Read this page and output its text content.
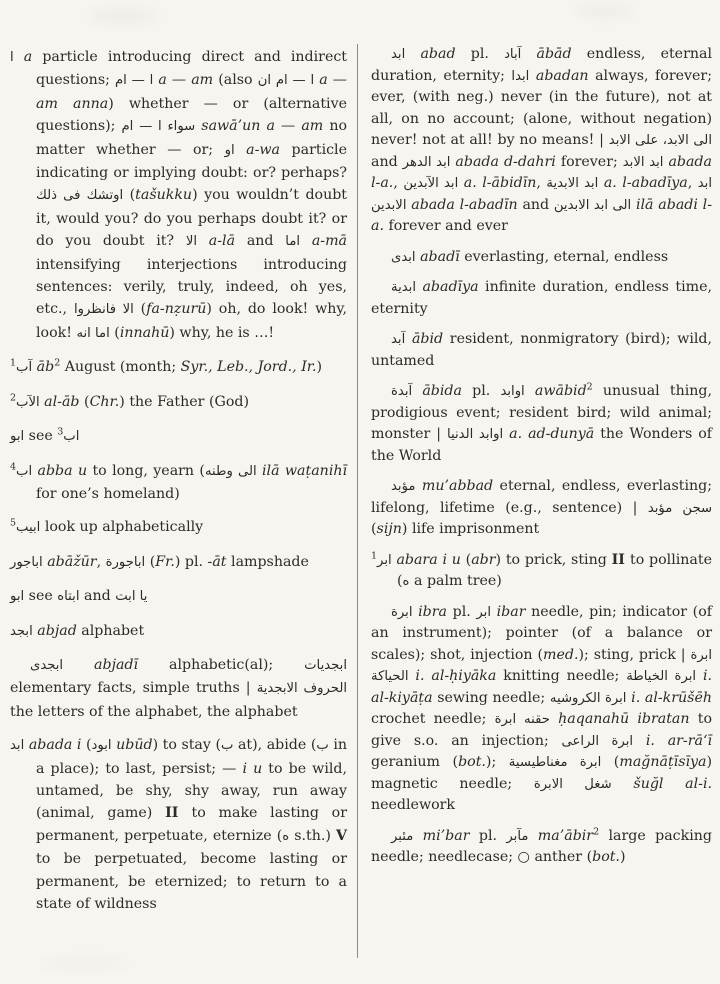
ا a particle introducing direct and indirect questions; ا — ام a — am (also ا — ام ان a — am anna) whether — or (alternative questions); سواء ا — ام sawā’un a — am no matter whether — or; او a-wa particle indicating or implying doubt: or? perhaps? اوتشك فى ذلك (tašukku) you wouldn’t doubt it, would you? do you perhaps doubt it? or do you doubt it? الا a-lā and اما a-mā intensifying interjections introducing sentences: verily, truly, indeed, oh yes, etc., الا فانظروا (fa-nẓurū) oh, do look! why, look! اما انه (innahū) why, he is …!

$^1$آب $āb^2$ August (month; Syr., Leb., Jord., Ir.)

$^2$الآب al-āb (Chr.) the Father (God)

ابو see اب$^3$

$^4$اب abba u to long, yearn (الى وطنه ilā waṭanihī for one’s homeland)

$^5$ابيب look up alphabetically

اباجور abāžūr, اباجورة (Fr.) pl. -āt lampshade

ابو see ابتاه and يا ابت

ابجد abjad alphabet

ابجدى abjadī alphabetic(al); ابجديات elementary facts, simple truths | الحروف الابجدية the letters of the alphabet, the alphabet

ابد abada i (ابود ubūd) to stay (ب at), abide (ب in a place); to last, persist; — i u to be wild, untamed, be shy, shy away, run away (animal, game) II to make lasting or permanent, perpetuate, eternize (ه s.th.) V to be perpetuated, become lasting or permanent, be eternized; to return to a state of wildness

ابد abad pl. آباد ābād endless, eternal duration, eternity; ابدا abadan always, forever; ever, (with neg.) never (in the future), not at all, on no account; (alone, without negation) never! not at all! by no means! | الى الابد، على الابد and ابد الدهر abada d-dahri forever; ابد الابد abada l-a., ابد الآبدين a. l-ābidīn, ابد الابدية a. l-abadīya, ابد الابدين abada l-abadīn and الى ابد الابدين ilā abadi l-a. forever and ever

ابدى abadī everlasting, eternal, endless

ابدية abadīya infinite duration, endless time, eternity

آبد ābid resident, nonmigratory (bird); wild, untamed

آبدة ābida pl. اوابد awābid$^2$ unusual thing, prodigious event; resident bird; wild animal; monster | اوابد الدنيا a. ad-dunyā the Wonders of the World

مؤبد mu’abbad eternal, endless, everlasting; lifelong, lifetime (e.g., sentence) | سجن مؤبد (sijn) life imprisonment

$^1$ابر abara i u (abr) to prick, sting II to pollinate (ه a palm tree)

ابرة ibra pl. ابر ibar needle, pin; indicator (of an instrument); pointer (of a balance or scales); shot, injection (med.); sting, prick | ابرة الحياكة i. al-ḥiyāka knitting needle; ابرة الخياطة i. al-kiyāṭa sewing needle; ابرة الكروشيه i. al-krūšēh crochet needle; حقنه ابرة ḥaqanahū ibratan to give s.o. an injection; ابرة الراعى i. ar-rā‘ī geranium (bot.); ابرة مغناطيسية (mağnāṭīsīya) magnetic needle; شغل الابرة šuğl al-i. needlework

مئبر mi’bar pl. مآبر ma’ābir$^2$ large packing needle; needlecase; ○ anther (bot.)
